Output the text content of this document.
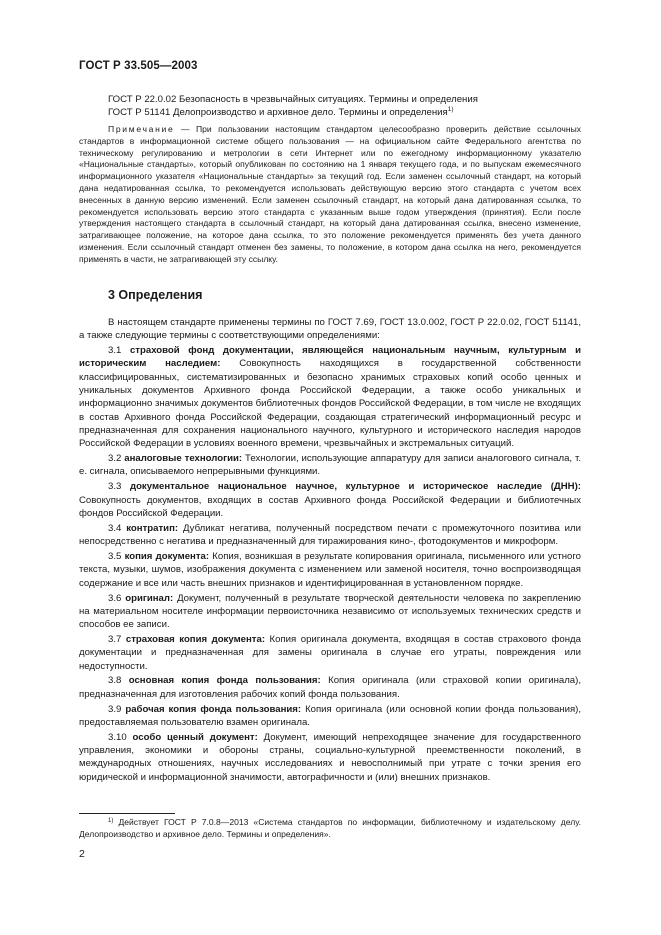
ГОСТ Р 33.505—2003
ГОСТ Р 22.0.02 Безопасность в чрезвычайных ситуациях. Термины и определения
ГОСТ Р 51141 Делопроизводство и архивное дело. Термины и определения$^{1)}$

Примечание — При пользовании настоящим стандартом целесообразно проверить действие ссылочных стандартов в информационной системе общего пользования — на официальном сайте Федерального агентства по техническому регулированию и метрологии в сети Интернет или по ежегодному информационному указателю «Национальные стандарты», который опубликован по состоянию на 1 января текущего года, и по выпускам ежемесячного информационного указателя «Национальные стандарты» за текущий год. Если заменен ссылочный стандарт, на который дана недатированная ссылка, то рекомендуется использовать действующую версию этого стандарта с учетом всех внесенных в данную версию изменений. Если заменен ссылочный стандарт, на который дана датированная ссылка, то рекомендуется использовать версию этого стандарта с указанным выше годом утверждения (принятия). Если после утверждения настоящего стандарта в ссылочный стандарт, на который дана датированная ссылка, внесено изменение, затрагивающее положение, на которое дана ссылка, то это положение рекомендуется применять без учета данного изменения. Если ссылочный стандарт отменен без замены, то положение, в котором дана ссылка на него, рекомендуется применять в части, не затрагивающей эту ссылку.

3 Определения

В настоящем стандарте применены термины по ГОСТ 7.69, ГОСТ 13.0.002, ГОСТ Р 22.0.02, ГОСТ 51141, а также следующие термины с соответствующими определениями:

3.1 страховой фонд документации, являющейся национальным научным, культурным и историческим наследием: Совокупность находящихся в государственной собственности классифицированных, систематизированных и безопасно хранимых страховых копий особо ценных и уникальных документов Архивного фонда Российской Федерации, а также особо уникальных и информационно значимых документов библиотечных фондов Российской Федерации, в том числе не входящих в состав Архивного фонда Российской Федерации, создающая стратегический информационный ресурс и предназначенная для сохранения национального научного, культурного и исторического наследия народов Российской Федерации в условиях военного времени, чрезвычайных и экстремальных ситуаций.

3.2 аналоговые технологии: Технологии, использующие аппаратуру для записи аналогового сигнала, т. е. сигнала, описываемого непрерывными функциями.

3.3 документальное национальное научное, культурное и историческое наследие (ДНН): Совокупность документов, входящих в состав Архивного фонда Российской Федерации и библиотечных фондов Российской Федерации.

3.4 контратип: Дубликат негатива, полученный посредством печати с промежуточного позитива или непосредственно с негатива и предназначенный для тиражирования кино-, фотодокументов и микроформ.

3.5 копия документа: Копия, возникшая в результате копирования оригинала, письменного или устного текста, музыки, шумов, изображения документа с изменением или заменой носителя, точно воспроизводящая содержание и все или часть внешних признаков и идентифицированная в установленном порядке.

3.6 оригинал: Документ, полученный в результате творческой деятельности человека по закреплению на материальном носителе информации первоисточника независимо от используемых технических средств и способов ее записи.

3.7 страховая копия документа: Копия оригинала документа, входящая в состав страхового фонда документации и предназначенная для замены оригинала в случае его утраты, повреждения или недоступности.

3.8 основная копия фонда пользования: Копия оригинала (или страховой копии оригинала), предназначенная для изготовления рабочих копий фонда пользования.

3.9 рабочая копия фонда пользования: Копия оригинала (или основной копии фонда пользования), предоставляемая пользователю взамен оригинала.

3.10 особо ценный документ: Документ, имеющий непреходящее значение для государственного управления, экономики и обороны страны, социально-культурной преемственности поколений, в международных отношениях, научных исследованиях и невосполнимый при утрате с точки зрения его юридической и информационной значимости, автографичности и (или) внешних признаков.

$^{1)}$ Действует ГОСТ Р 7.0.8—2013 «Система стандартов по информации, библиотечному и издательскому делу. Делопроизводство и архивное дело. Термины и определения».

2
